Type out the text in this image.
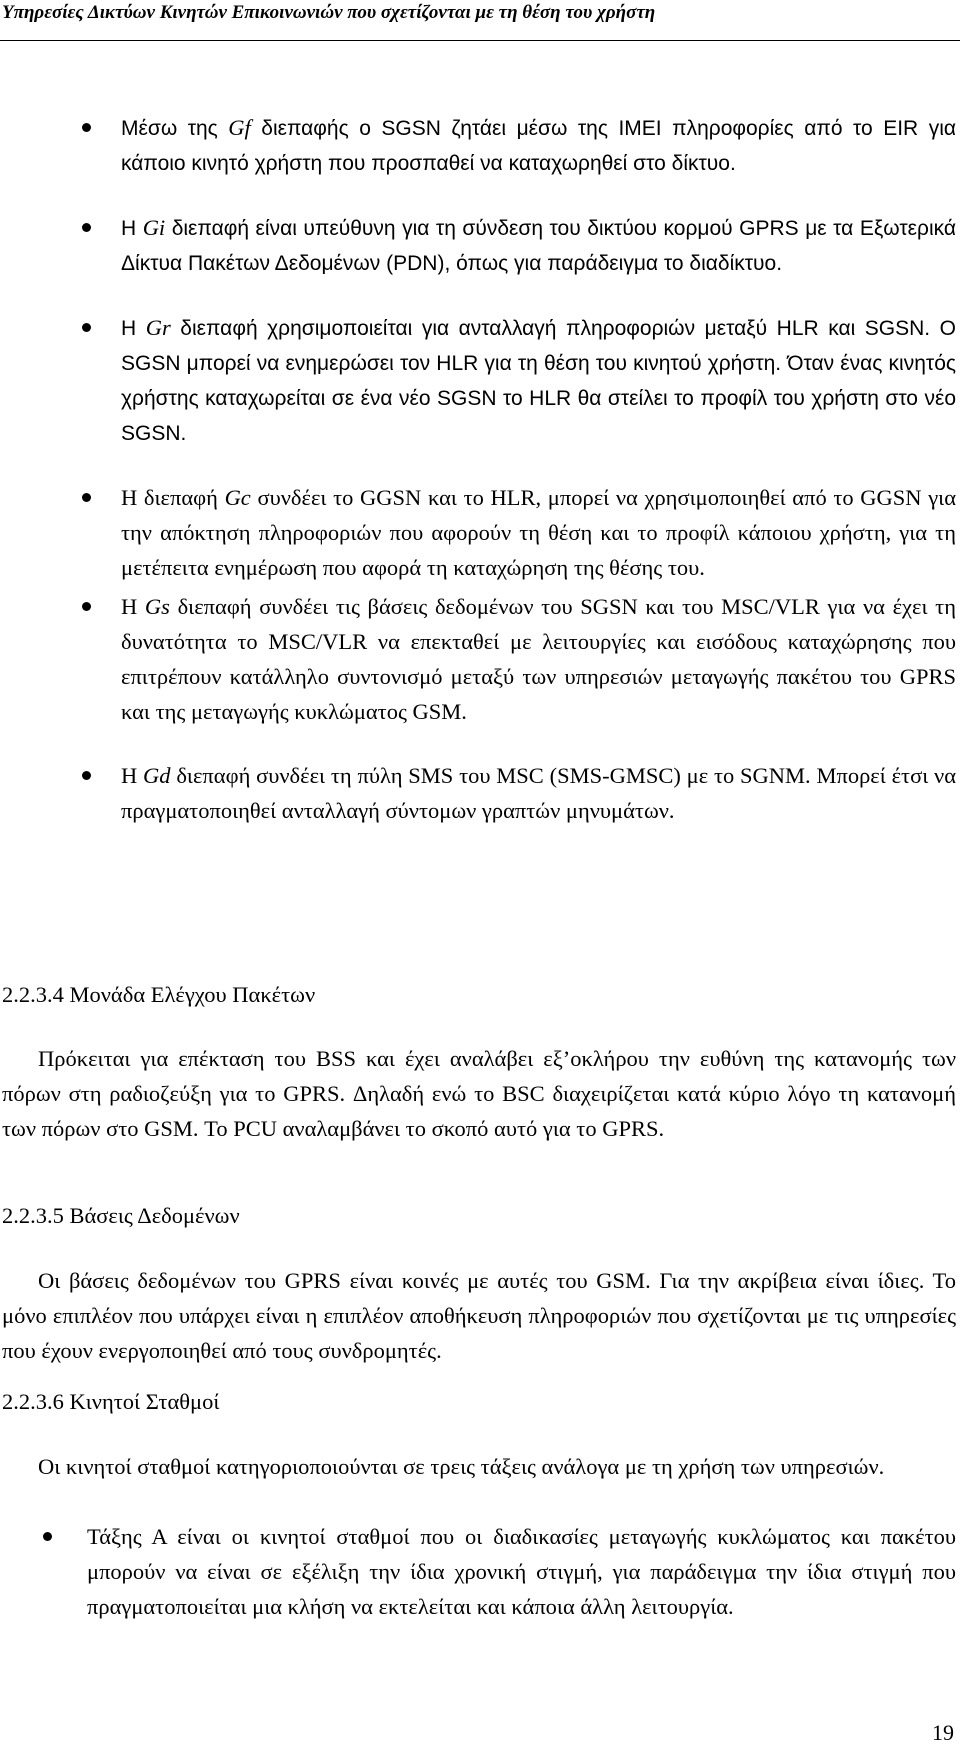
Υπηρεσίες Δικτύων Κινητών Επικοινωνιών που σχετίζονται με τη θέση του χρήστη
Μέσω της Gf διεπαφής ο SGSN ζητάει μέσω της IMEI πληροφορίες από το EIR για κάποιο κινητό χρήστη που προσπαθεί να καταχωρηθεί στο δίκτυο.
Η Gi διεπαφή είναι υπεύθυνη για τη σύνδεση του δικτύου κορμού GPRS με τα Εξωτερικά Δίκτυα Πακέτων Δεδομένων (PDN), όπως για παράδειγμα το διαδίκτυο.
Η Gr διεπαφή χρησιμοποιείται για ανταλλαγή πληροφοριών μεταξύ HLR και SGSN. Ο SGSN μπορεί να ενημερώσει τον HLR για τη θέση του κινητού χρήστη. Όταν ένας κινητός χρήστης καταχωρείται σε ένα νέο SGSN το HLR θα στείλει το προφίλ του χρήστη στο νέο SGSN.
Η διεπαφή Gc συνδέει το GGSN και το HLR, μπορεί να χρησιμοποιηθεί από το GGSN για την απόκτηση πληροφοριών που αφορούν τη θέση και το προφίλ κάποιου χρήστη, για τη μετέπειτα ενημέρωση που αφορά τη καταχώρηση της θέσης του.
Η Gs διεπαφή συνδέει τις βάσεις δεδομένων του SGSN και του MSC/VLR για να έχει τη δυνατότητα το MSC/VLR να επεκταθεί με λειτουργίες και εισόδους καταχώρησης που επιτρέπουν κατάλληλο συντονισμό μεταξύ των υπηρεσιών μεταγωγής πακέτου του GPRS και της μεταγωγής κυκλώματος GSM.
Η Gd διεπαφή συνδέει τη πύλη SMS του MSC (SMS-GMSC) με το SGNM. Μπορεί έτσι να πραγματοποιηθεί ανταλλαγή σύντομων γραπτών μηνυμάτων.
2.2.3.4 Μονάδα Ελέγχου Πακέτων
Πρόκειται για επέκταση του BSS και έχει αναλάβει εξ’οκλήρου την ευθύνη της κατανομής των πόρων στη ραδιοζεύξη για το GPRS. Δηλαδή ενώ το BSC διαχειρίζεται κατά κύριο λόγο τη κατανομή των πόρων στο GSM. Το PCU αναλαμβάνει το σκοπό αυτό για το GPRS.
2.2.3.5 Βάσεις Δεδομένων
Οι βάσεις δεδομένων του GPRS είναι κοινές με αυτές του GSM. Για την ακρίβεια είναι ίδιες. Το μόνο επιπλέον που υπάρχει είναι η επιπλέον αποθήκευση πληροφοριών που σχετίζονται με τις υπηρεσίες που έχουν ενεργοποιηθεί από τους συνδρομητές.
2.2.3.6 Κινητοί Σταθμοί
Οι κινητοί σταθμοί κατηγοριοποιούνται σε τρεις τάξεις ανάλογα με τη χρήση των υπηρεσιών.
Τάξης Α είναι οι κινητοί σταθμοί που οι διαδικασίες μεταγωγής κυκλώματος και πακέτου μπορούν να είναι σε εξέλιξη την ίδια χρονική στιγμή, για παράδειγμα την ίδια στιγμή που πραγματοποιείται μια κλήση να εκτελείται και κάποια άλλη λειτουργία.
19
